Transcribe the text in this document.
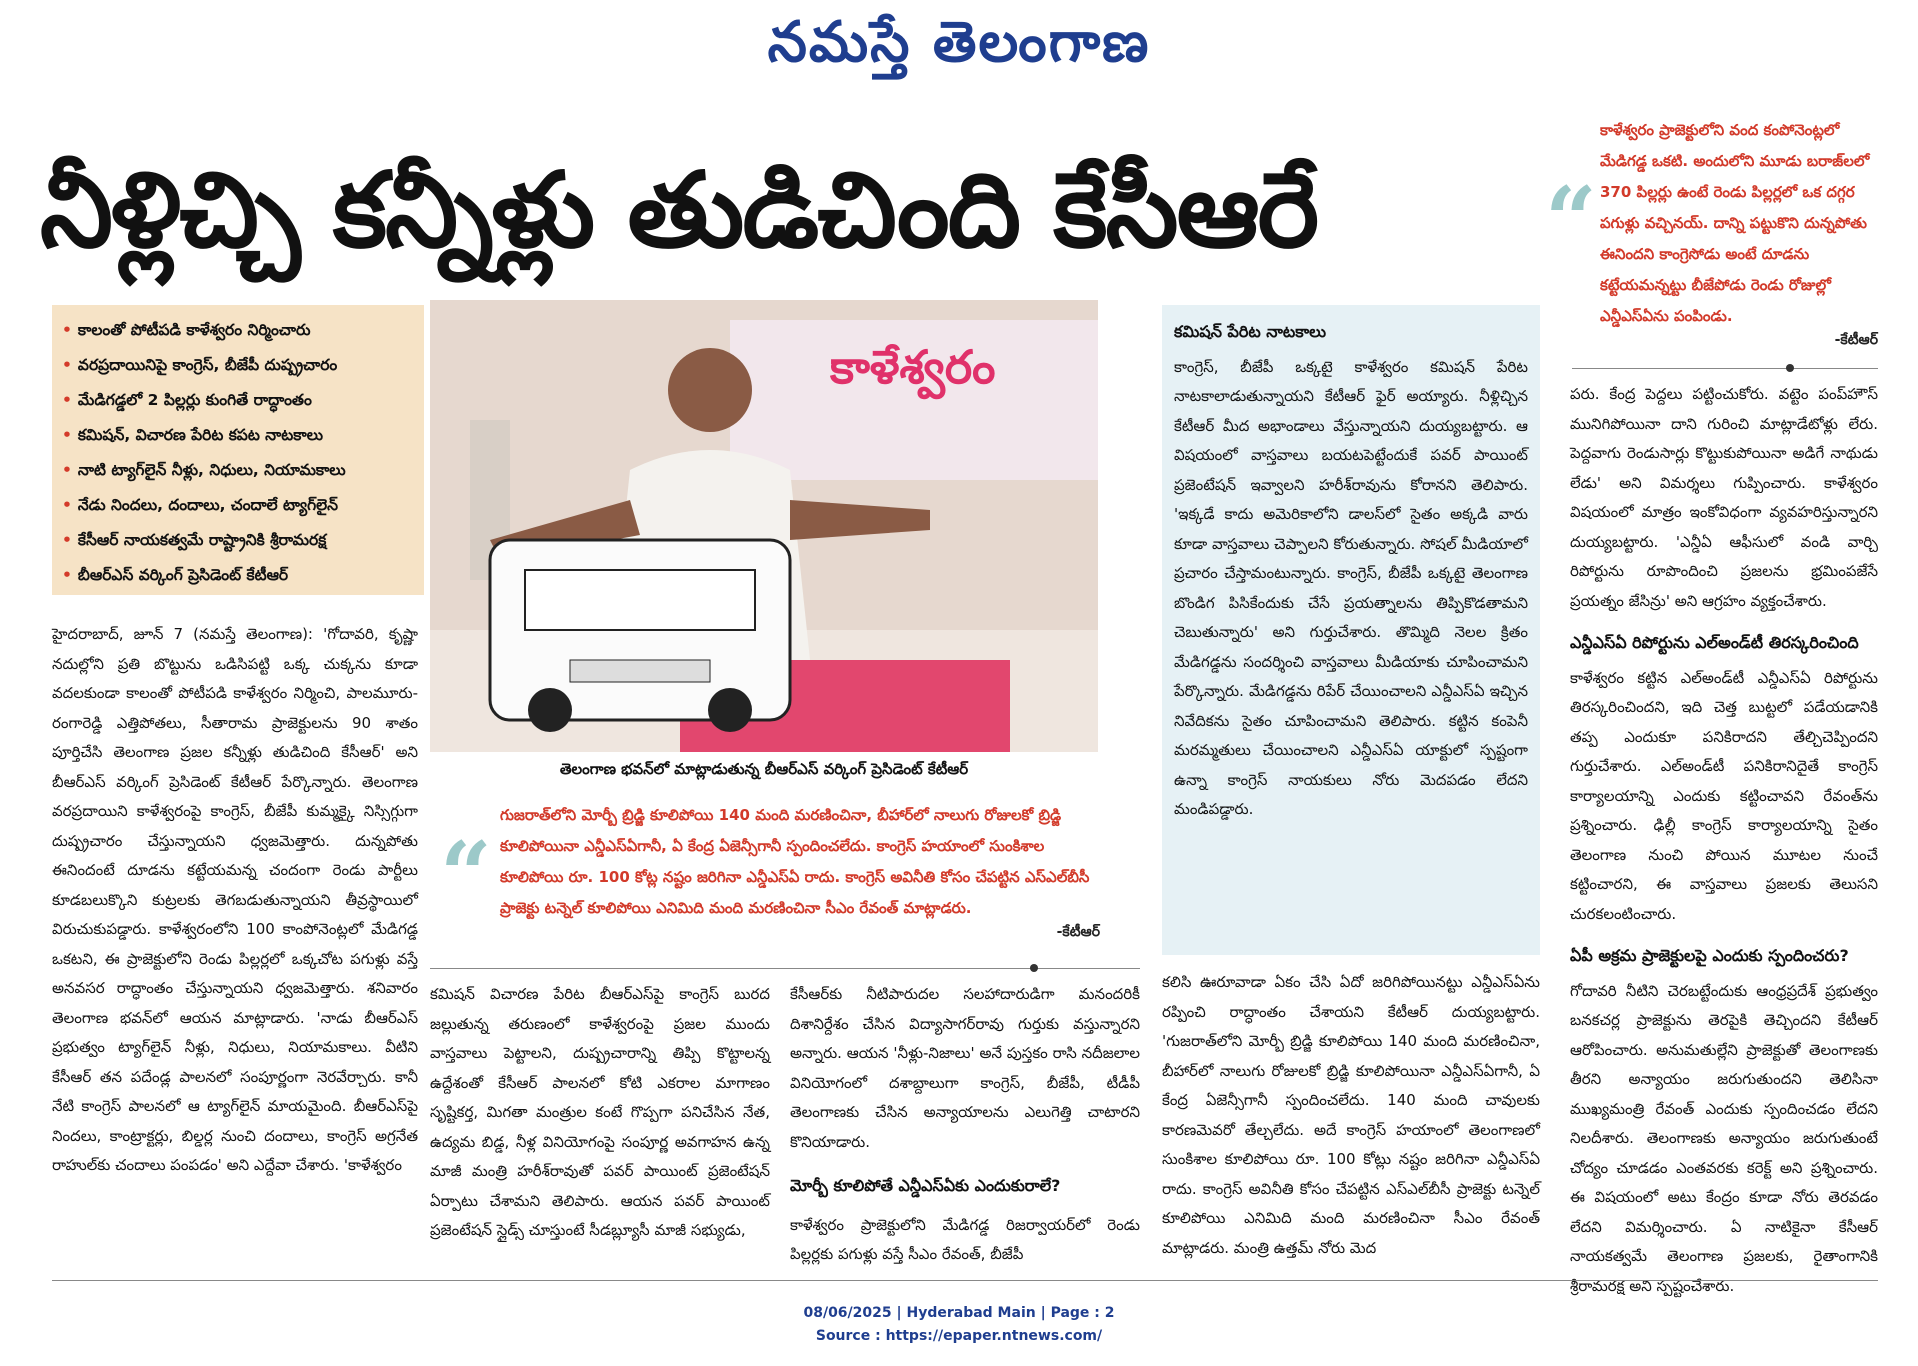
నమస్తే తెలంగాణ
నీళ్లిచ్చి కన్నీళ్లు తుడిచింది కేసీఆరే	“
కాళేశ్వరం ప్రాజెక్టులోని వంద కంపోనెంట్లలో మేడిగడ్డ ఒకటి. అందులోని మూడు బరాజ్‌లలో 370 పిల్లర్లు ఉంటే రెండు పిల్లర్లలో ఒక దగ్గర పగుళ్లు వచ్చినయ్. దాన్ని పట్టుకొని దున్నపోతు ఈనిందని కాంగ్రెసోడు అంటే దూడను కట్టేయమన్నట్టు బీజేపోడు రెండు రోజుల్లో ఎన్డీఎస్‌ఏను పంపిండు.
-కేటీఆర్
• కాలంతో పోటీపడి కాళేశ్వరం నిర్మించారు
• వరప్రదాయినిపై కాంగ్రెస్, బీజేపీ దుష్ప్రచారం
• మేడిగడ్డలో 2 పిల్లర్లు కుంగితే రాద్ధాంతం
• కమిషన్, విచారణ పేరిట కపట నాటకాలు
• నాటి ట్యాగ్‌లైన్ నీళ్లు, నిధులు, నియామకాలు
• నేడు నిందలు, దందాలు, చందాలే ట్యాగ్‌లైన్
• కేసీఆర్ నాయకత్వమే రాష్ట్రానికి శ్రీరామరక్ష
• బీఆర్‌ఎస్ వర్కింగ్ ప్రెసిడెంట్ కేటీఆర్
కాళేశ్వరం
తెలంగాణ భవన్‌లో మాట్లాడుతున్న బీఆర్‌ఎస్ వర్కింగ్ ప్రెసిడెంట్ కేటీఆర్
“
గుజరాత్‌లోని మోర్బీ బ్రిడ్జి కూలిపోయి 140 మంది మరణించినా, బీహార్‌లో నాలుగు రోజులకో బ్రిడ్జి కూలిపోయినా ఎన్డీఎస్‌ఏగానీ, ఏ కేంద్ర ఏజెన్సీగానీ స్పందించలేదు. కాంగ్రెస్ హయాంలో సుంకిశాల కూలిపోయి రూ. 100 కోట్ల నష్టం జరిగినా ఎన్డీఎస్‌ఏ రాదు. కాంగ్రెస్ అవినీతి కోసం చేపట్టిన ఎస్‌ఎల్‌బీసీ ప్రాజెక్టు టన్నెల్ కూలిపోయి ఎనిమిది మంది మరణించినా సీఎం రేవంత్ మాట్లాడరు.
-కేటీఆర్

హైదరాబాద్, జూన్ 7 (నమస్తే తెలంగాణ): 'గోదావరి, కృష్ణా నదుల్లోని ప్రతి బొట్టును ఒడిసిపట్టి ఒక్క చుక్కను కూడా వదలకుండా కాలంతో పోటీపడి కాళేశ్వరం నిర్మించి, పాలమూరు-రంగారెడ్డి ఎత్తిపోతలు, సీతారామ ప్రాజెక్టులను 90 శాతం పూర్తిచేసి తెలంగాణ ప్రజల కన్నీళ్లు తుడిచింది కేసీఆర్' అని బీఆర్‌ఎస్ వర్కింగ్ ప్రెసిడెంట్ కేటీఆర్ పేర్కొన్నారు. తెలంగాణ వరప్రదాయిని కాళేశ్వరంపై కాంగ్రెస్, బీజేపీ కుమ్మక్కై నిస్సిగ్గుగా దుష్ప్రచారం చేస్తున్నాయని ధ్వజమెత్తారు. దున్నపోతు ఈనిందంటే దూడను కట్టేయమన్న చందంగా రెండు పార్టీలు కూడబలుక్కొని కుట్రలకు తెగబడుతున్నాయని తీవ్రస్థాయిలో విరుచుకుపడ్డారు. కాళేశ్వరంలోని 100 కాంపోనెంట్లలో మేడిగడ్డ ఒకటని, ఈ ప్రాజెక్టులోని రెండు పిల్లర్లలో ఒక్కచోట పగుళ్లు వస్తే అనవసర రాద్ధాంతం చేస్తున్నాయని ధ్వజమెత్తారు. శనివారం తెలంగాణ భవన్‌లో ఆయన మాట్లాడారు. 'నాడు బీఆర్‌ఎస్ ప్రభుత్వం ట్యాగ్‌లైన్ నీళ్లు, నిధులు, నియామకాలు. వీటిని కేసీఆర్ తన పదేండ్ల పాలనలో సంపూర్ణంగా నెరవేర్చారు. కానీ నేటి కాంగ్రెస్ పాలనలో ఆ ట్యాగ్‌లైన్ మాయమైంది. బీఆర్‌ఎస్‌పై నిందలు, కాంట్రాక్టర్లు, బిల్డర్ల నుంచి దందాలు, కాంగ్రెస్ అగ్రనేత రాహుల్‌కు చందాలు పంపడం' అని ఎద్దేవా చేశారు. 'కాళేశ్వరం

కమిషన్ విచారణ పేరిట బీఆర్‌ఎస్‌పై కాంగ్రెస్ బురద జల్లుతున్న తరుణంలో కాళేశ్వరంపై ప్రజల ముందు వాస్తవాలు పెట్టాలని, దుష్ప్రచారాన్ని తిప్పి కొట్టాలన్న ఉద్దేశంతో కేసీఆర్ పాలనలో కోటి ఎకరాల మాగాణం సృష్టికర్త, మిగతా మంత్రుల కంటే గొప్పగా పనిచేసిన నేత, ఉద్యమ బిడ్డ, నీళ్ల వినియోగంపై సంపూర్ణ అవగాహన ఉన్న మాజీ మంత్రి హరీశ్‌రావుతో పవర్ పాయింట్ ప్రజెంటేషన్ ఏర్పాటు చేశామని తెలిపారు. ఆయన పవర్ పాయింట్ ప్రజెంటేషన్ స్లైడ్స్ చూస్తుంటే సీడబ్ల్యూసీ మాజీ సభ్యుడు,

కేసీఆర్‌కు నీటిపారుదల సలహాదారుడిగా మనందరికీ దిశానిర్దేశం చేసిన విద్యాసాగర్‌రావు గుర్తుకు వస్తున్నారని అన్నారు. ఆయన 'నీళ్లు-నిజాలు' అనే పుస్తకం రాసి నదీజలాల వినియోగంలో దశాబ్దాలుగా కాంగ్రెస్, బీజేపీ, టీడీపీ తెలంగాణకు చేసిన అన్యాయాలను ఎలుగెత్తి చాటారని కొనియాడారు.

మోర్బీ కూలిపోతే ఎన్డీఎస్‌ఏకు ఎందుకురాలే?

కాళేశ్వరం ప్రాజెక్టులోని మేడిగడ్డ రిజర్వాయర్‌లో రెండు పిల్లర్లకు పగుళ్లు వస్తే సీఎం రేవంత్, బీజేపీ

కమిషన్ పేరిట నాటకాలు

కాంగ్రెస్, బీజేపీ ఒక్కటై కాళేశ్వరం కమిషన్ పేరిట నాటకాలాడుతున్నాయని కేటీఆర్ ఫైర్ అయ్యారు. నీళ్లిచ్చిన కేటీఆర్ మీద అభాండాలు వేస్తున్నాయని దుయ్యబట్టారు. ఆ విషయంలో వాస్తవాలు బయటపెట్టేందుకే పవర్ పాయింట్ ప్రజెంటేషన్ ఇవ్వాలని హరీశ్‌రావును కోరానని తెలిపారు. 'ఇక్కడే కాదు అమెరికాలోని డాలస్‌లో సైతం అక్కడి వారు కూడా వాస్తవాలు చెప్పాలని కోరుతున్నారు. సోషల్ మీడియాలో ప్రచారం చేస్తామంటున్నారు. కాంగ్రెస్, బీజేపీ ఒక్కటై తెలంగాణ బొండిగ పిసికేందుకు చేసే ప్రయత్నాలను తిప్పికొడతామని చెబుతున్నారు' అని గుర్తుచేశారు. తొమ్మిది నెలల క్రితం మేడిగడ్డను సందర్శించి వాస్తవాలు మీడియాకు చూపించామని పేర్కొన్నారు. మేడిగడ్డను రిపేర్ చేయించాలని ఎన్డీఎస్‌ఏ ఇచ్చిన నివేదికను సైతం చూపించామని తెలిపారు. కట్టిన కంపెనీ మరమ్మతులు చేయించాలని ఎన్డీఎస్‌ఏ యాక్టులో స్పష్టంగా ఉన్నా కాంగ్రెస్ నాయకులు నోరు మెదపడం లేదని మండిపడ్డారు.

కలిసి ఊరూవాడా ఏకం చేసి ఏదో జరిగిపోయినట్టు ఎన్డీఎస్‌ఏను రప్పించి రాద్ధాంతం చేశాయని కేటీఆర్ దుయ్యబట్టారు. 'గుజరాత్‌లోని మోర్బీ బ్రిడ్జి కూలిపోయి 140 మంది మరణించినా, బీహార్‌లో నాలుగు రోజులకో బ్రిడ్జి కూలిపోయినా ఎన్డీఎస్‌ఏగానీ, ఏ కేంద్ర ఏజెన్సీగానీ స్పందించలేదు. 140 మంది చావులకు కారణమెవరో తేల్చలేదు. అదే కాంగ్రెస్ హయాంలో తెలంగాణలో సుంకిశాల కూలిపోయి రూ. 100 కోట్లు నష్టం జరిగినా ఎన్డీఎస్‌ఏ రాదు. కాంగ్రెస్ అవినీతి కోసం చేపట్టిన ఎస్‌ఎల్‌బీసీ ప్రాజెక్టు టన్నెల్ కూలిపోయి ఎనిమిది మంది మరణించినా సీఎం రేవంత్ మాట్లాడరు. మంత్రి ఉత్తమ్ నోరు మెద

పరు. కేంద్ర పెద్దలు పట్టించుకోరు. వట్టెం పంప్‌హౌస్ మునిగిపోయినా దాని గురించి మాట్లాడేటోళ్లు లేరు. పెద్దవాగు రెండుసార్లు కొట్టుకుపోయినా అడిగే నాథుడు లేడు' అని విమర్శలు గుప్పించారు. కాళేశ్వరం విషయంలో మాత్రం ఇంకోవిధంగా వ్యవహరిస్తున్నారని దుయ్యబట్టారు. 'ఎన్డీఏ ఆఫీసులో వండి వార్చి రిపోర్టును రూపొందించి ప్రజలను భ్రమింపజేసే ప్రయత్నం జేసిన్రు' అని ఆగ్రహం వ్యక్తంచేశారు.

ఎన్డీఎస్‌ఏ రిపోర్టును ఎల్‌అండ్‌టీ తిరస్కరించింది

కాళేశ్వరం కట్టిన ఎల్‌అండ్‌టీ ఎన్డీఎస్‌ఏ రిపోర్టును తిరస్కరించిందని, ఇది చెత్త బుట్టలో పడేయడానికి తప్ప ఎందుకూ పనికిరాదని తేల్చిచెప్పిందని గుర్తుచేశారు. ఎల్‌అండ్‌టీ పనికిరానిదైతే కాంగ్రెస్ కార్యాలయాన్ని ఎందుకు కట్టించావని రేవంత్‌ను ప్రశ్నించారు. ఢిల్లీ కాంగ్రెస్ కార్యాలయాన్ని సైతం తెలంగాణ నుంచి పోయిన మూటల నుంచే కట్టించారని, ఈ వాస్తవాలు ప్రజలకు తెలుసని చురకలంటించారు.

ఏపీ అక్రమ ప్రాజెక్టులపై ఎందుకు స్పందించరు?

గోదావరి నీటిని చెరబట్టేందుకు ఆంధ్రప్రదేశ్ ప్రభుత్వం బనకచర్ల ప్రాజెక్టును తెరపైకి తెచ్చిందని కేటీఆర్ ఆరోపించారు. అనుమతుల్లేని ప్రాజెక్టుతో తెలంగాణకు తీరని అన్యాయం జరుగుతుందని తెలిసినా ముఖ్యమంత్రి రేవంత్ ఎందుకు స్పందించడం లేదని నిలదీశారు. తెలంగాణకు అన్యాయం జరుగుతుంటే చోద్యం చూడడం ఎంతవరకు కరెక్ట్ అని ప్రశ్నించారు. ఈ విషయంలో అటు కేంద్రం కూడా నోరు తెరవడం లేదని విమర్శించారు. ఏ నాటికైనా కేసీఆర్ నాయకత్వమే తెలంగాణ ప్రజలకు, రైతాంగానికి శ్రీరామరక్ష అని స్పష్టంచేశారు.

08/06/2025 | Hyderabad Main | Page : 2
Source : https://epaper.ntnews.com/
